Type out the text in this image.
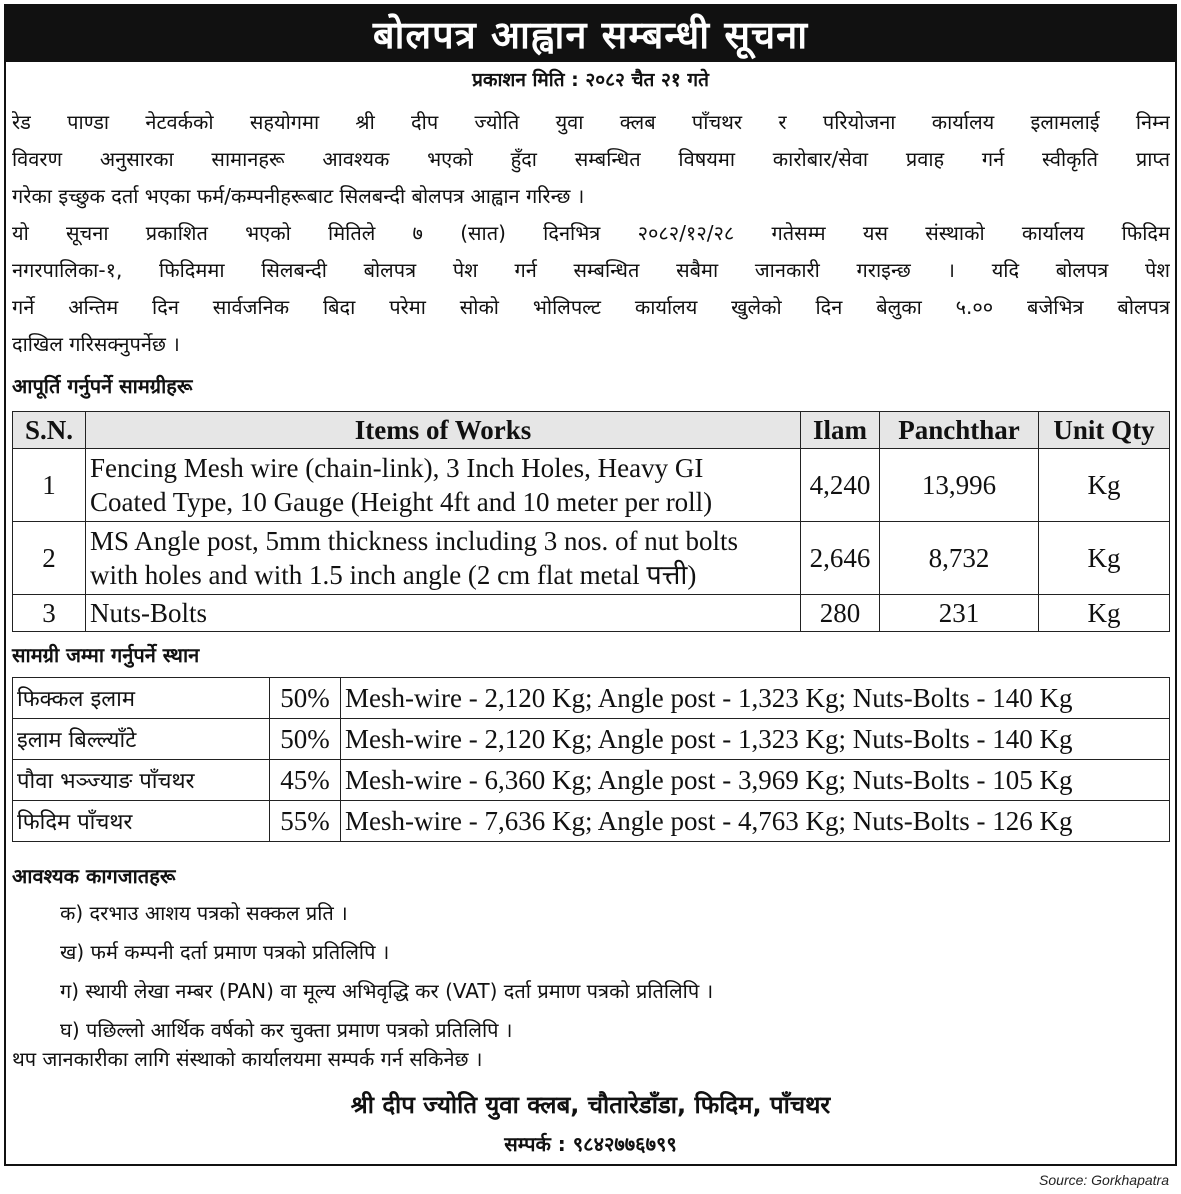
बोलपत्र आह्वान सम्बन्धी सूचना
प्रकाशन मिति : २०८२ चैत २१ गते
रेड पाण्डा नेटवर्कको सहयोगमा श्री दीप ज्योति युवा क्लब पाँचथर र परियोजना कार्यालय इलामलाई निम्न
विवरण अनुसारका सामानहरू आवश्यक भएको हुँदा सम्बन्धित विषयमा कारोबार/सेवा प्रवाह गर्न स्वीकृति प्राप्त
गरेका इच्छुक दर्ता भएका फर्म/कम्पनीहरूबाट सिलबन्दी बोलपत्र आह्वान गरिन्छ ।
यो सूचना प्रकाशित भएको मितिले ७ (सात) दिनभित्र २०८२/१२/२८ गतेसम्म यस संस्थाको कार्यालय फिदिम
नगरपालिका-१, फिदिममा सिलबन्दी बोलपत्र पेश गर्न सम्बन्धित सबैमा जानकारी गराइन्छ । यदि बोलपत्र पेश
गर्ने अन्तिम दिन सार्वजनिक बिदा परेमा सोको भोलिपल्ट कार्यालय खुलेको दिन बेलुका ५.०० बजेभित्र बोलपत्र
दाखिल गरिसक्नुपर्नेछ ।
आपूर्ति गर्नुपर्ने सामग्रीहरू
S.N.	Items of Works	Ilam	Panchthar	Unit Qty
1	Fencing Mesh wire (chain-link), 3 Inch Holes, Heavy GI
Coated Type, 10 Gauge (Height 4ft and 10 meter per roll)	4,240	13,996	Kg
2	MS Angle post, 5mm thickness including 3 nos. of nut bolts
with holes and with 1.5 inch angle (2 cm flat metal पत्ती)	2,646	8,732	Kg
3	Nuts-Bolts	280	231	Kg
सामग्री जम्मा गर्नुपर्ने स्थान
फिक्कल इलाम	50%	Mesh-wire - 2,120 Kg; Angle post - 1,323 Kg; Nuts-Bolts - 140 Kg
इलाम बिल्ल्याँटे	50%	Mesh-wire - 2,120 Kg; Angle post - 1,323 Kg; Nuts-Bolts - 140 Kg
पौवा भञ्ज्याङ पाँचथर	45%	Mesh-wire - 6,360 Kg; Angle post - 3,969 Kg; Nuts-Bolts - 105 Kg
फिदिम पाँचथर	55%	Mesh-wire - 7,636 Kg; Angle post - 4,763 Kg; Nuts-Bolts - 126 Kg
आवश्यक कागजातहरू
क) दरभाउ आशय पत्रको सक्कल प्रति ।
ख) फर्म कम्पनी दर्ता प्रमाण पत्रको प्रतिलिपि ।
ग) स्थायी लेखा नम्बर (PAN) वा मूल्य अभिवृद्धि कर (VAT) दर्ता प्रमाण पत्रको प्रतिलिपि ।
घ) पछिल्लो आर्थिक वर्षको कर चुक्ता प्रमाण पत्रको प्रतिलिपि ।
थप जानकारीका लागि संस्थाको कार्यालयमा सम्पर्क गर्न सकिनेछ ।
श्री दीप ज्योति युवा क्लब, चौतारेडाँडा, फिदिम, पाँचथर
सम्पर्क : ९८४२७७६७९९
Source: Gorkhapatra
